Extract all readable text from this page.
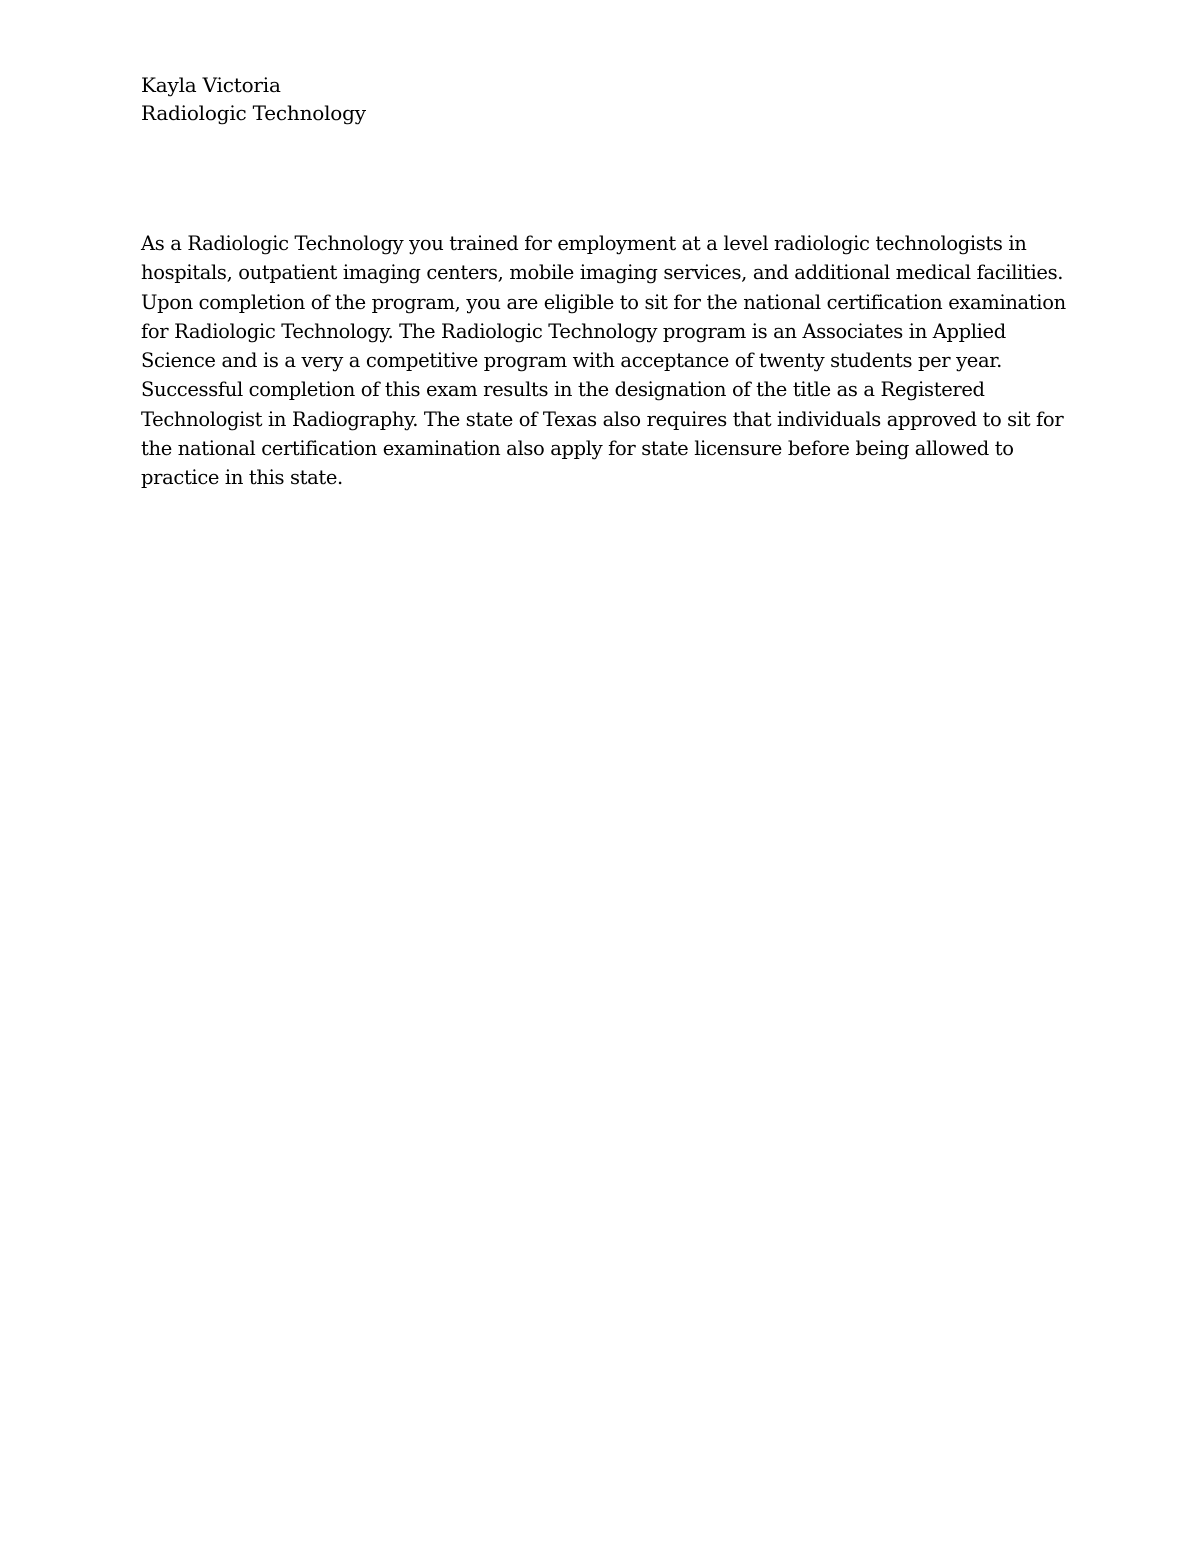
Kayla Victoria
Radiologic Technology
As a Radiologic Technology you trained for employment at a level radiologic technologists in
hospitals, outpatient imaging centers, mobile imaging services, and additional medical facilities.
Upon completion of the program, you are eligible to sit for the national certification examination
for Radiologic Technology. The Radiologic Technology program is an Associates in Applied
Science and is a very a competitive program with acceptance of twenty students per year.
Successful completion of this exam results in the designation of the title as a Registered
Technologist in Radiography. The state of Texas also requires that individuals approved to sit for
the national certification examination also apply for state licensure before being allowed to
practice in this state.
